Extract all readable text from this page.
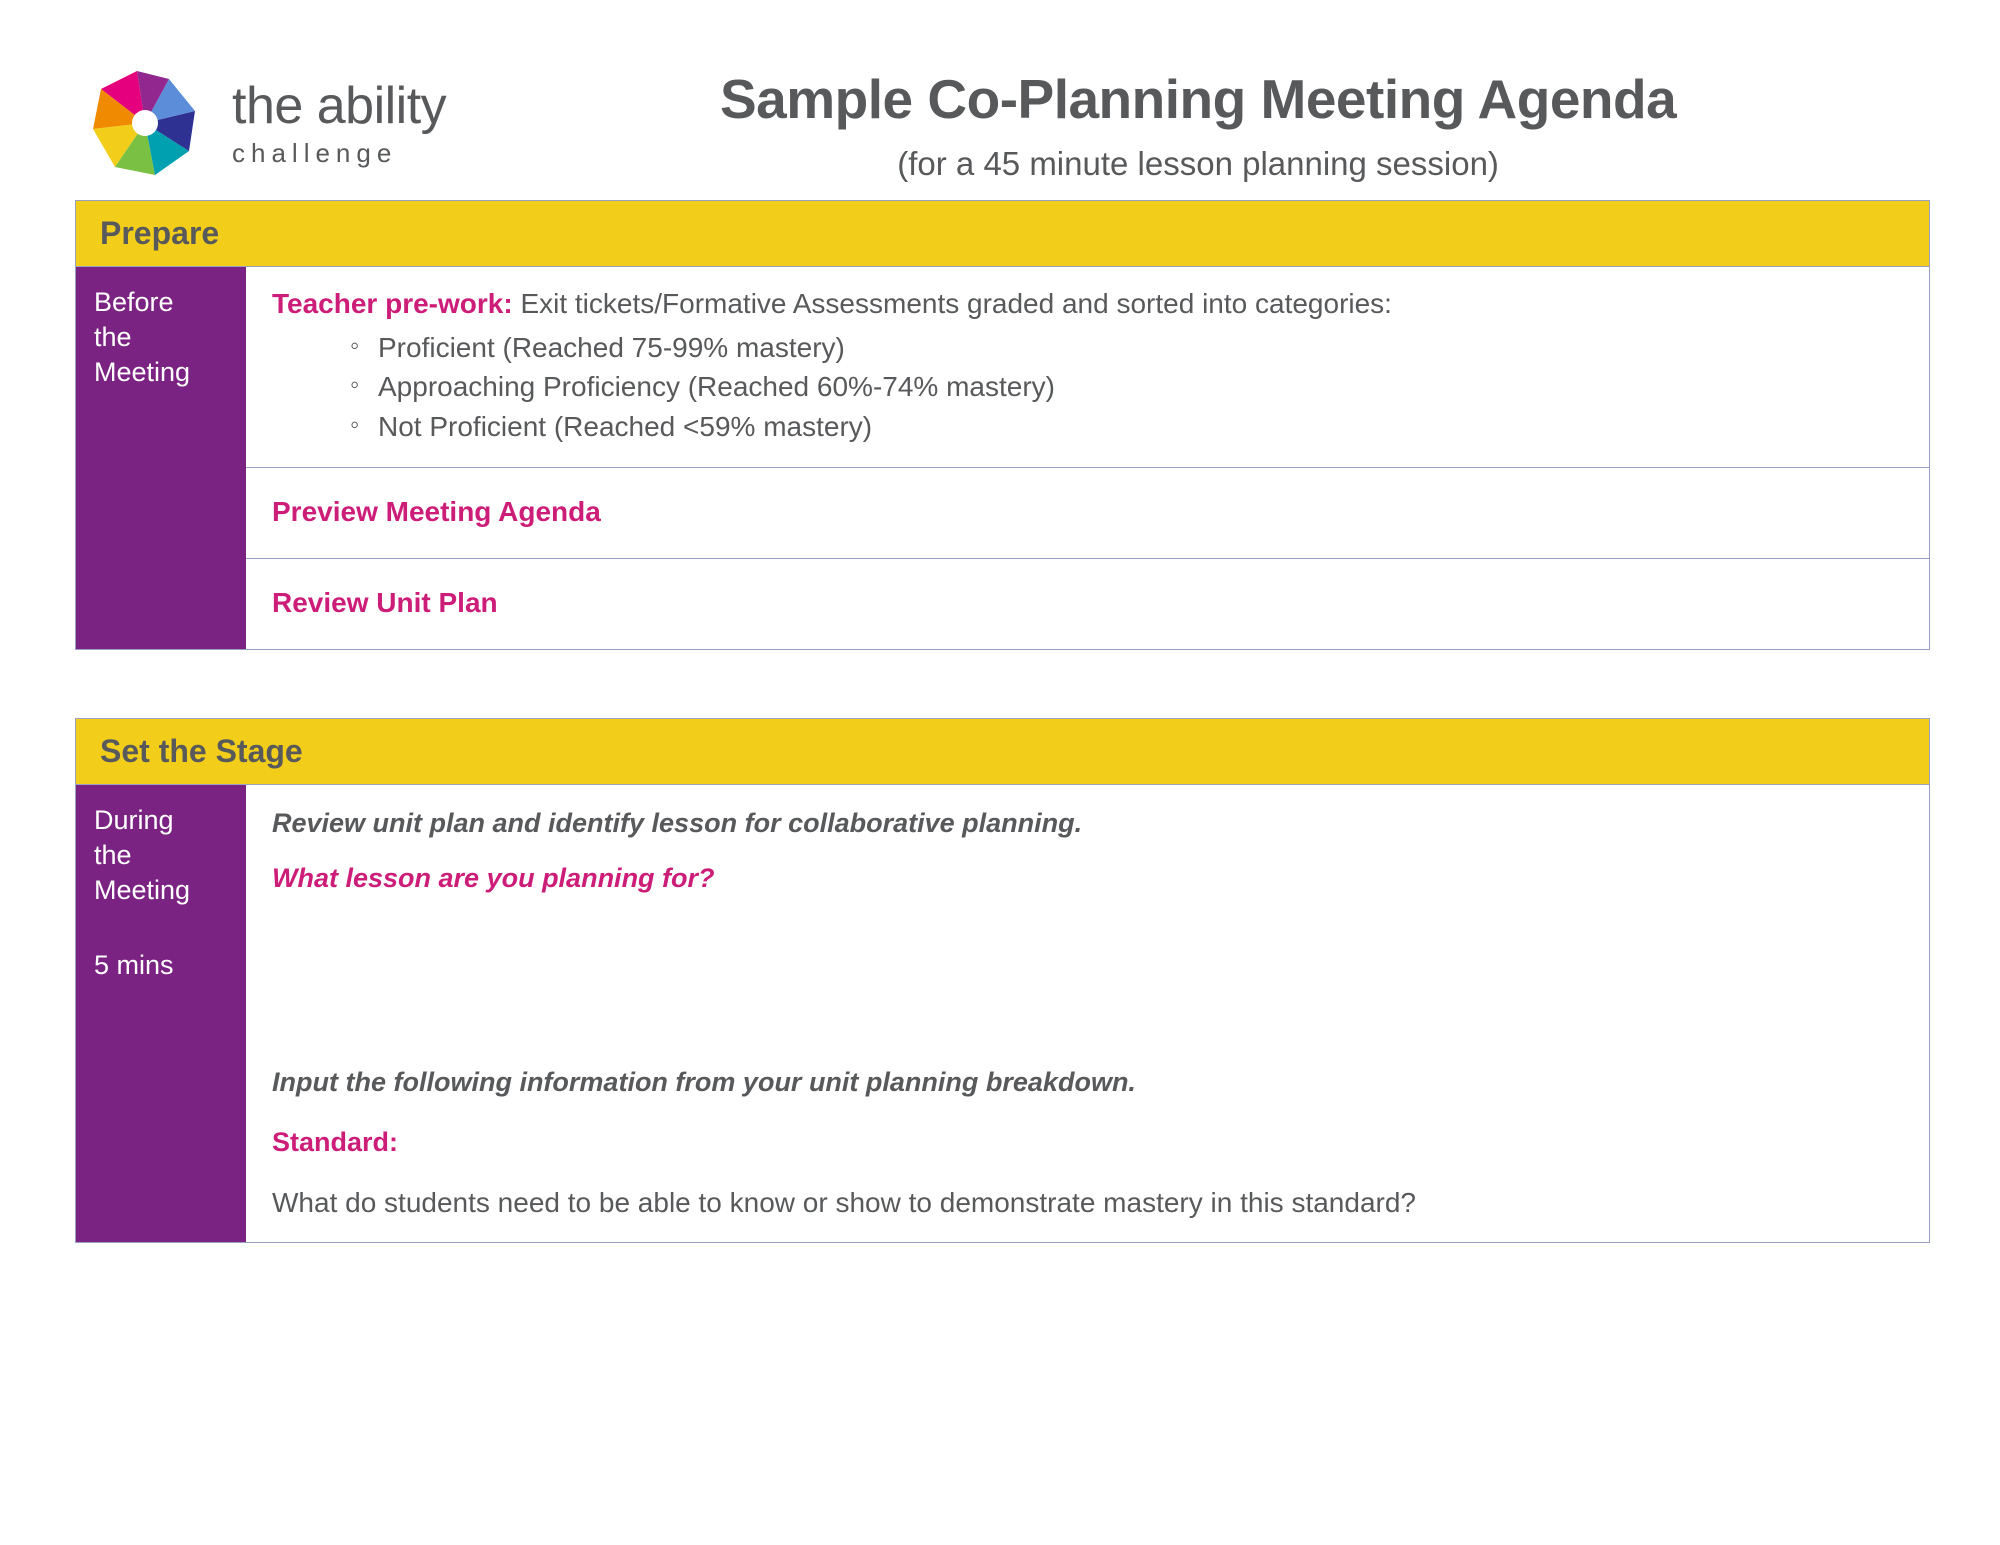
the ability
challenge
Sample Co-Planning Meeting Agenda
(for a 45 minute lesson planning session)
Prepare
Before
the
Meeting
Teacher pre-work: Exit tickets/Formative Assessments graded and sorted into categories:
◦ Proficient (Reached 75-99% mastery)
◦ Approaching Proficiency (Reached 60%-74% mastery)
◦ Not Proficient (Reached <59% mastery)
Preview Meeting Agenda
Review Unit Plan
Set the Stage
During
the
Meeting
5 mins
Review unit plan and identify lesson for collaborative planning.
What lesson are you planning for?
Input the following information from your unit planning breakdown.
Standard:
What do students need to be able to know or show to demonstrate mastery in this standard?
